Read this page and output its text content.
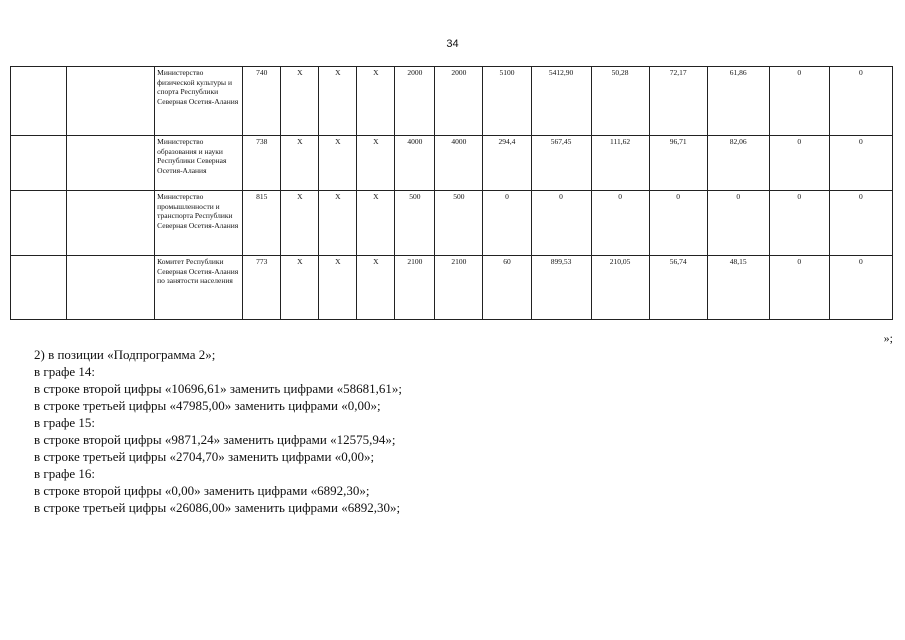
34
		Министерство физической культуры и спорта Республики Северная Осетия-Алания	740	Х	Х	Х	2000	2000	5100	5412,90	50,28	72,17	61,86	0	0
		Министерство образования и науки Республики Северная Осетия-Алания	738	Х	Х	Х	4000	4000	294,4	567,45	111,62	96,71	82,06	0	0
		Министерство промышленности и транспорта Республики Северная Осетия-Алания	815	Х	Х	Х	500	500	0	0	0	0	0	0	0
		Комитет Республики Северная Осетия-Алания по занятости населения	773	Х	Х	Х	2100	2100	60	899,53	210,05	56,74	48,15	0	0
»;
2) в позиции «Подпрограмма 2»;
в графе 14:
в строке второй цифры «10696,61» заменить цифрами «58681,61»;
в строке третьей цифры «47985,00» заменить цифрами «0,00»;
в графе 15:
в строке второй цифры «9871,24» заменить цифрами «12575,94»;
в строке третьей цифры «2704,70» заменить цифрами «0,00»;
в графе 16:
в строке второй цифры «0,00» заменить цифрами «6892,30»;
в строке третьей цифры «26086,00» заменить цифрами «6892,30»;
